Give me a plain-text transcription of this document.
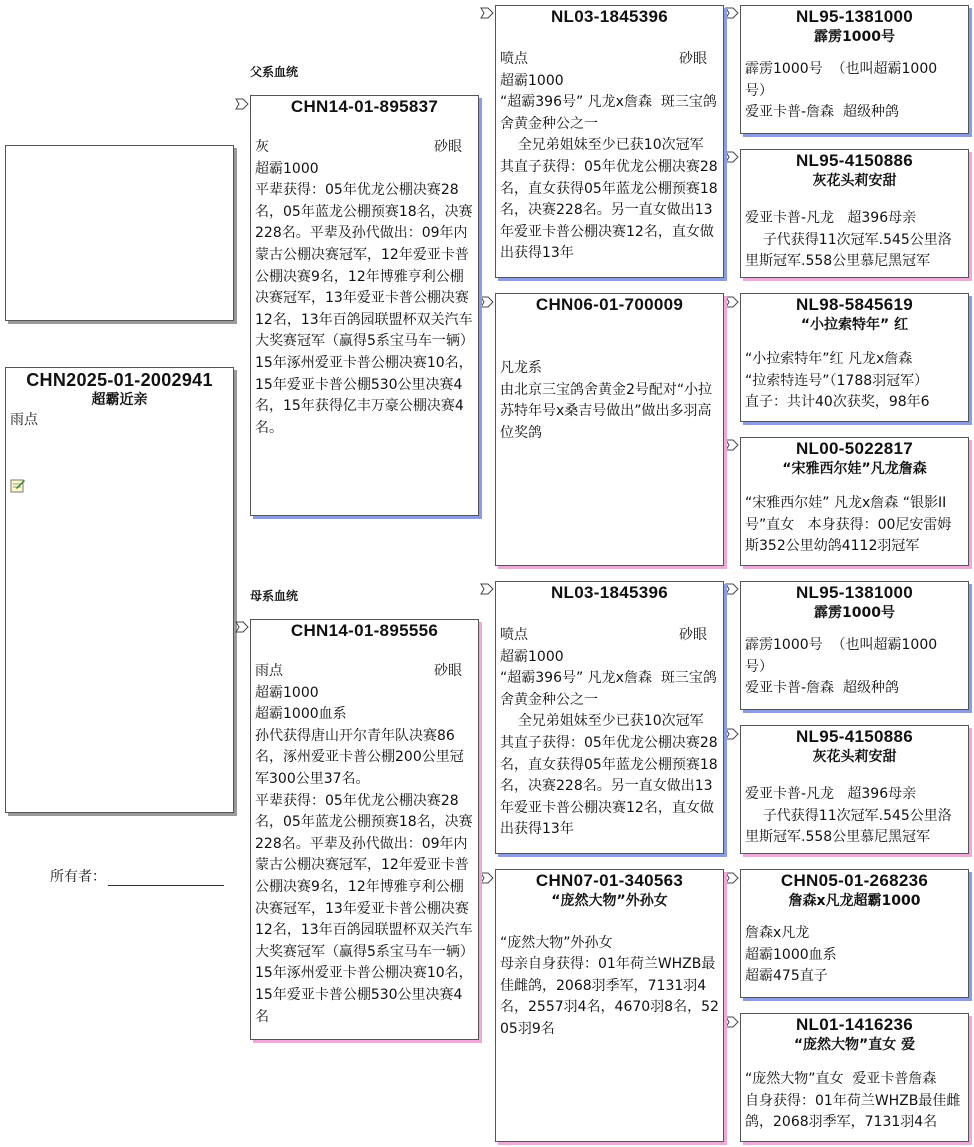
CHN2025-01-2002941
超霸近亲
雨点
所有者：
父系血统
母系血统
CHN14-01-895837
灰	砂眼
超霸1000
平辈获得：05年优龙公棚决赛28名，05年蓝龙公棚预赛18名，决赛228名。平辈及孙代做出：09年内蒙古公棚决赛冠军，12年爱亚卡普公棚决赛9名，12年博雅亨利公棚决赛冠军，13年爱亚卡普公棚决赛12名，13年百鸽园联盟杯双关汽车大奖赛冠军（赢得5系宝马车一辆）15年涿州爱亚卡普公棚决赛10名，15年爱亚卡普公棚530公里决赛4名，15年获得亿丰万豪公棚决赛4名。
CHN14-01-895556
雨点	砂眼
超霸1000
超霸1000血系
孙代获得唐山开尔青年队决赛86名，涿州爱亚卡普公棚200公里冠军300公里37名。
平辈获得：05年优龙公棚决赛28名，05年蓝龙公棚预赛18名，决赛228名。平辈及孙代做出：09年内蒙古公棚决赛冠军，12年爱亚卡普公棚决赛9名，12年博雅亨利公棚决赛冠军，13年爱亚卡普公棚决赛12名，13年百鸽园联盟杯双关汽车大奖赛冠军（赢得5系宝马车一辆）15年涿州爱亚卡普公棚决赛10名，15年爱亚卡普公棚530公里决赛4名
NL03-1845396
喷点	砂眼
超霸1000
“超霸396号” 凡龙x詹森  斑三宝鸽舍黄金种公之一
全兄弟姐妹至少已获10次冠军
其直子获得：05年优龙公棚决赛28名，直女获得05年蓝龙公棚预赛18名，决赛228名。另一直女做出13年爱亚卡普公棚决赛12名，直女做出获得13年
CHN06-01-700009

凡龙系
由北京三宝鸽舍黄金2号配对“小拉苏特年号x桑吉号做出”做出多羽高位奖鸽
NL03-1845396
喷点	砂眼
超霸1000
“超霸396号” 凡龙x詹森  斑三宝鸽舍黄金种公之一
全兄弟姐妹至少已获10次冠军
其直子获得：05年优龙公棚决赛28名，直女获得05年蓝龙公棚预赛18名，决赛228名。另一直女做出13年爱亚卡普公棚决赛12名，直女做出获得13年
CHN07-01-340563
“庞然大物”外孙女

“庞然大物”外孙女
母亲自身获得：01年荷兰WHZB最佳雌鸽，2068羽季军，7131羽4名，2557羽4名，4670羽8名，5205羽9名
NL95-1381000
霹雳1000号
霹雳1000号  （也叫超霸1000号）
爱亚卡普-詹森  超级种鸽
NL95-4150886
灰花头莉安甜
爱亚卡普-凡龙   超396母亲
子代获得11次冠军.545公里洛里斯冠军.558公里慕尼黑冠军
NL98-5845619
“小拉索特年” 红
“小拉索特年”红 凡龙x詹森
“拉索特连号”（1788羽冠军）
直子：共计40次获奖，98年6
NL00-5022817
“宋雅西尔娃”凡龙詹森
“宋雅西尔娃” 凡龙x詹森 “银影II号”直女   本身获得：00尼安雷姆斯352公里幼鸽4112羽冠军
NL95-1381000
霹雳1000号
霹雳1000号  （也叫超霸1000号）
爱亚卡普-詹森  超级种鸽
NL95-4150886
灰花头莉安甜
爱亚卡普-凡龙   超396母亲
子代获得11次冠军.545公里洛里斯冠军.558公里慕尼黑冠军
CHN05-01-268236
詹森x凡龙超霸1000
詹森x凡龙
超霸1000血系
超霸475直子
NL01-1416236
“庞然大物”直女 爱
“庞然大物”直女  爱亚卡普詹森
自身获得：01年荷兰WHZB最佳雌鸽，2068羽季军，7131羽4名
